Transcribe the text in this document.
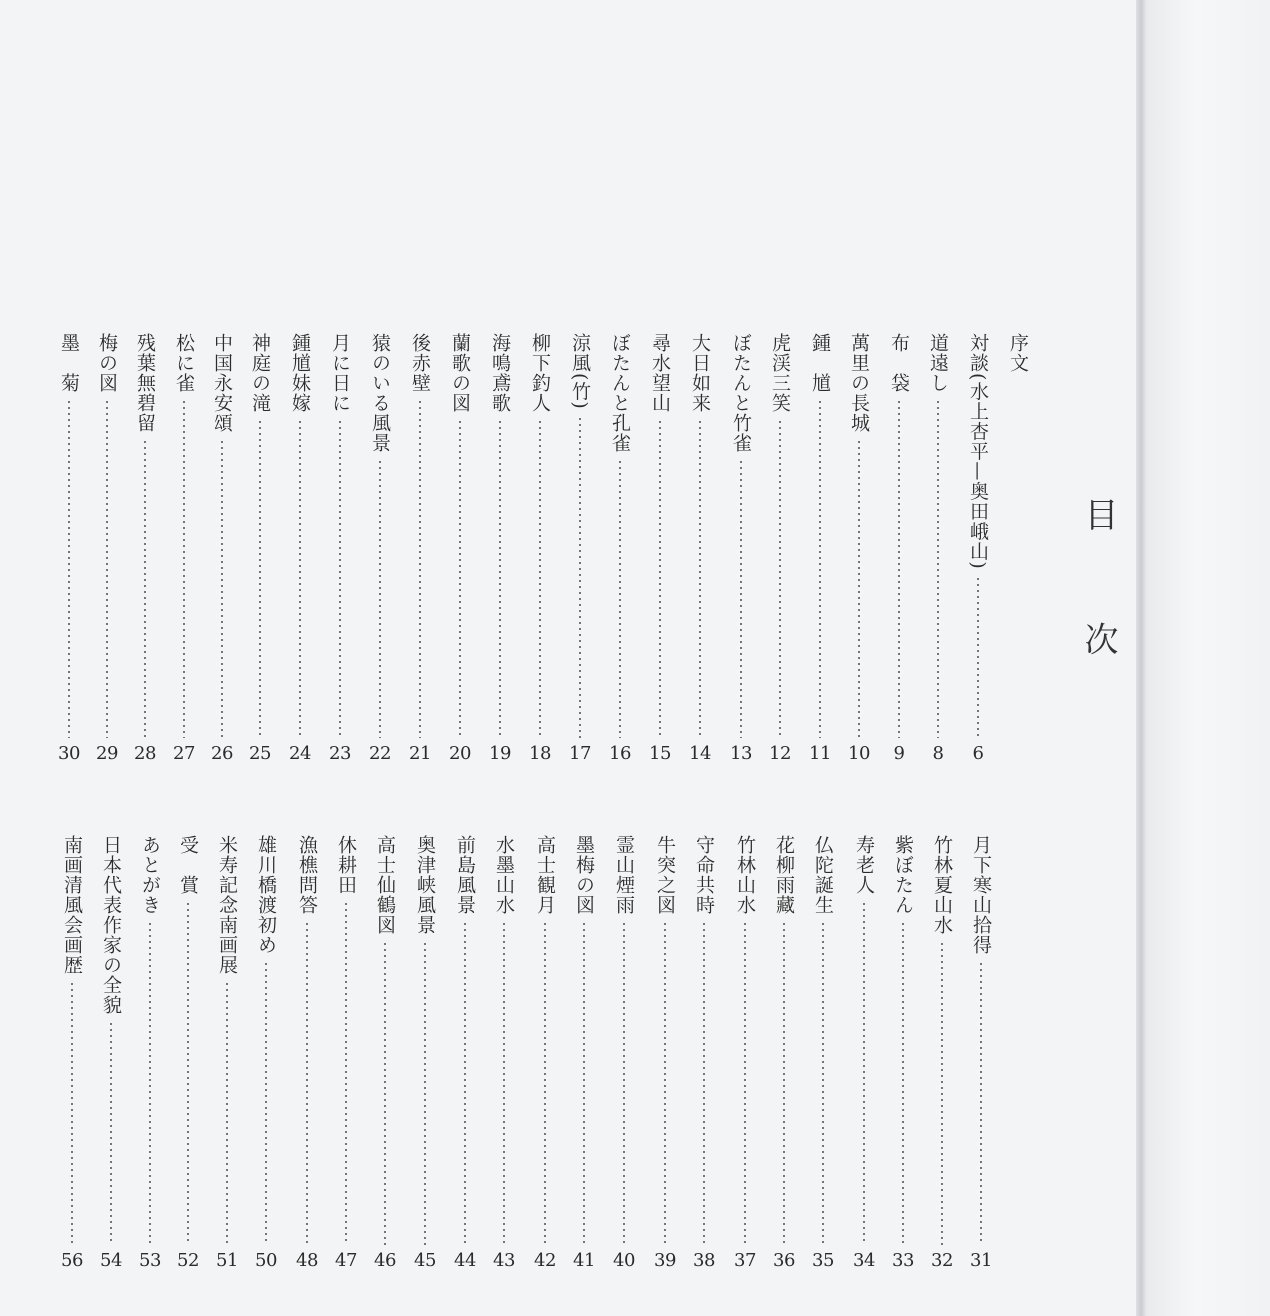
目 次
序文
対談(水上杏平—奥田峨山)
6
道遠し
8
布　袋
9
萬里の長城
10
鍾　馗
11
虎渓三笑
12
ぼたんと竹雀
13
大日如来
14
尋水望山
15
ぼたんと孔雀
16
涼風(竹)
17
柳下釣人
18
海鳴鳶歌
19
蘭歌の図
20
後赤壁
21
猿のいる風景
22
月に日に
23
鍾馗妹嫁
24
神庭の滝
25
中国永安頌
26
松に雀
27
残葉無碧留
28
梅の図
29
墨　菊
30
月下寒山拾得
31
竹林夏山水
32
紫ぼたん
33
寿老人
34
仏陀誕生
35
花柳雨藏
36
竹林山水
37
守命共時
38
牛突之図
39
霊山煙雨
40
墨梅の図
41
高士観月
42
水墨山水
43
前島風景
44
奥津峡風景
45
高士仙鶴図
46
休耕田
47
漁樵問答
48
雄川橋渡初め
50
米寿記念南画展
51
受　賞
52
あとがき
53
日本代表作家の全貌
54
南画清風会画歴
56
